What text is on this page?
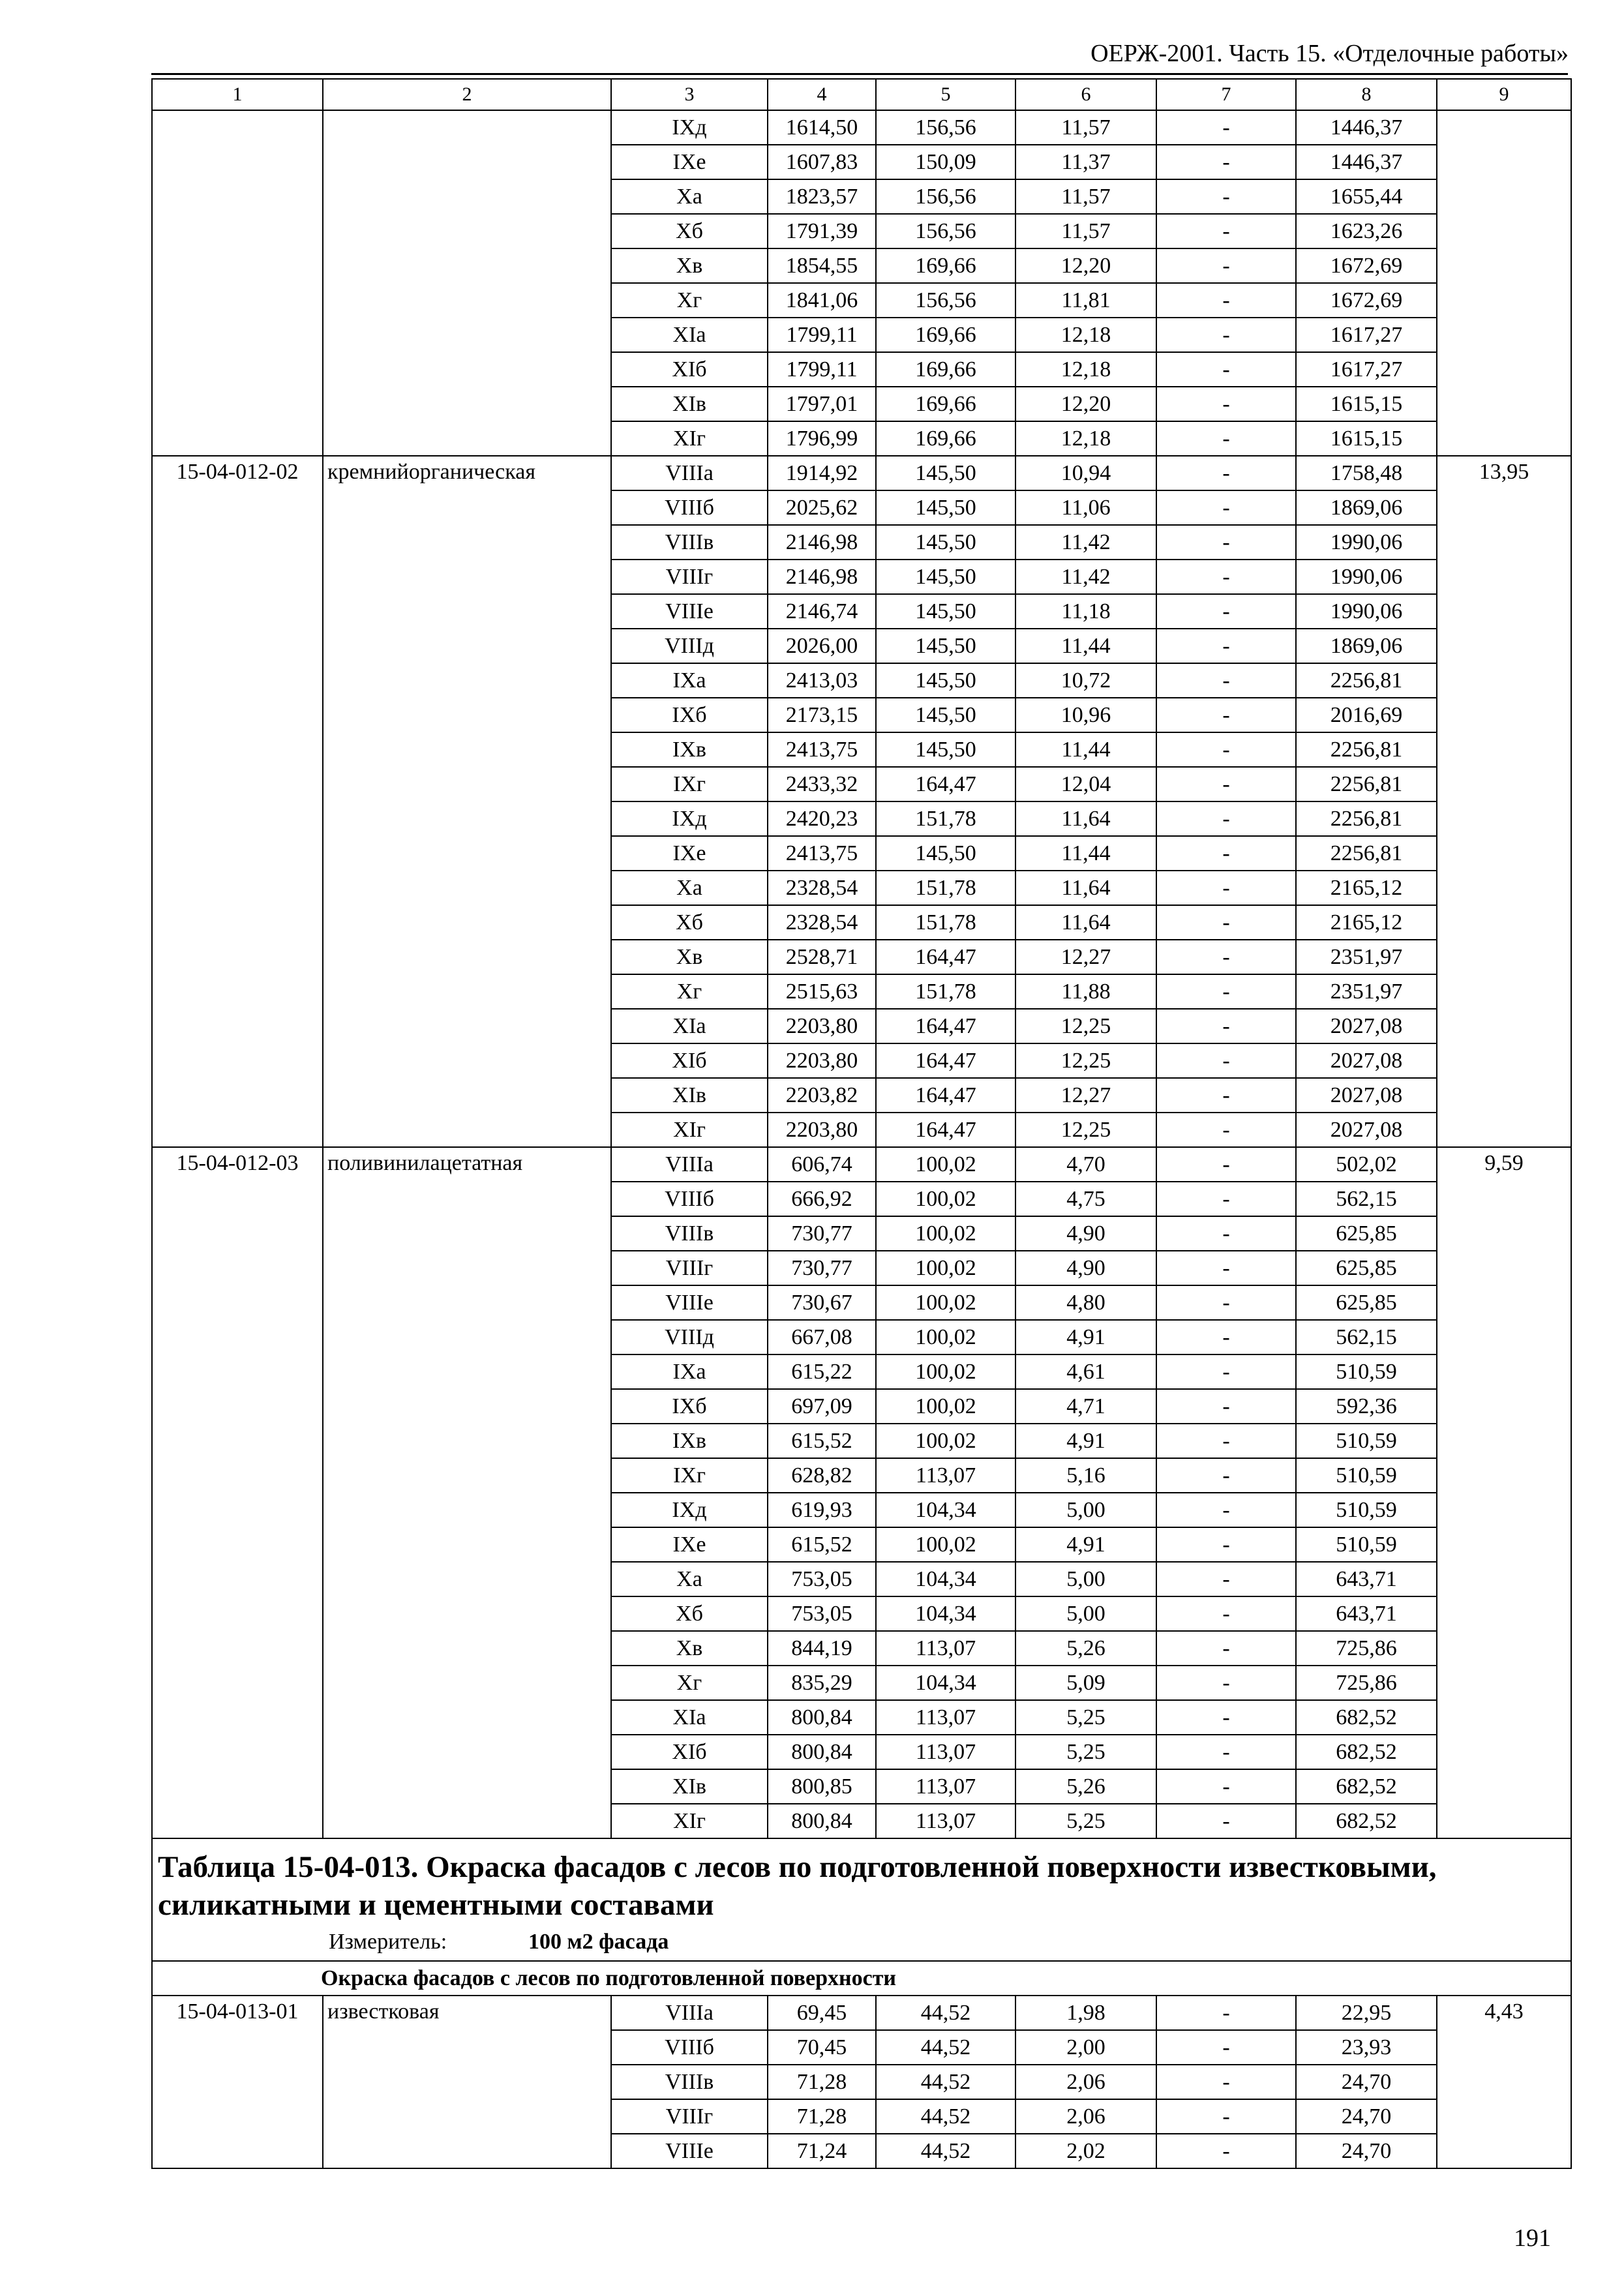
ОЕРЖ-2001. Часть 15. «Отделочные работы»
1	2	3	4	5	6	7	8	9
		IXд	1614,50	156,56	11,57	-	1446,37	
		IXе	1607,83	150,09	11,37	-	1446,37	
		Xа	1823,57	156,56	11,57	-	1655,44	
		Xб	1791,39	156,56	11,57	-	1623,26	
		Xв	1854,55	169,66	12,20	-	1672,69	
		Xг	1841,06	156,56	11,81	-	1672,69	
		XIа	1799,11	169,66	12,18	-	1617,27	
		XIб	1799,11	169,66	12,18	-	1617,27	
		XIв	1797,01	169,66	12,20	-	1615,15	
		XIг	1796,99	169,66	12,18	-	1615,15	
15-04-012-02	кремнийорганическая	VIIIа	1914,92	145,50	10,94	-	1758,48	13,95
		VIIIб	2025,62	145,50	11,06	-	1869,06	
		VIIIв	2146,98	145,50	11,42	-	1990,06	
		VIIIг	2146,98	145,50	11,42	-	1990,06	
		VIIIе	2146,74	145,50	11,18	-	1990,06	
		VIIIд	2026,00	145,50	11,44	-	1869,06	
		IXа	2413,03	145,50	10,72	-	2256,81	
		IXб	2173,15	145,50	10,96	-	2016,69	
		IXв	2413,75	145,50	11,44	-	2256,81	
		IXг	2433,32	164,47	12,04	-	2256,81	
		IXд	2420,23	151,78	11,64	-	2256,81	
		IXе	2413,75	145,50	11,44	-	2256,81	
		Xа	2328,54	151,78	11,64	-	2165,12	
		Xб	2328,54	151,78	11,64	-	2165,12	
		Xв	2528,71	164,47	12,27	-	2351,97	
		Xг	2515,63	151,78	11,88	-	2351,97	
		XIа	2203,80	164,47	12,25	-	2027,08	
		XIб	2203,80	164,47	12,25	-	2027,08	
		XIв	2203,82	164,47	12,27	-	2027,08	
		XIг	2203,80	164,47	12,25	-	2027,08	
15-04-012-03	поливинилацетатная	VIIIа	606,74	100,02	4,70	-	502,02	9,59
		VIIIб	666,92	100,02	4,75	-	562,15	
		VIIIв	730,77	100,02	4,90	-	625,85	
		VIIIг	730,77	100,02	4,90	-	625,85	
		VIIIе	730,67	100,02	4,80	-	625,85	
		VIIIд	667,08	100,02	4,91	-	562,15	
		IXа	615,22	100,02	4,61	-	510,59	
		IXб	697,09	100,02	4,71	-	592,36	
		IXв	615,52	100,02	4,91	-	510,59	
		IXг	628,82	113,07	5,16	-	510,59	
		IXд	619,93	104,34	5,00	-	510,59	
		IXе	615,52	100,02	4,91	-	510,59	
		Xа	753,05	104,34	5,00	-	643,71	
		Xб	753,05	104,34	5,00	-	643,71	
		Xв	844,19	113,07	5,26	-	725,86	
		Xг	835,29	104,34	5,09	-	725,86	
		XIа	800,84	113,07	5,25	-	682,52	
		XIб	800,84	113,07	5,25	-	682,52	
		XIв	800,85	113,07	5,26	-	682,52	
		XIг	800,84	113,07	5,25	-	682,52	

Таблица 15-04-013. Окраска фасадов с лесов по подготовленной поверхности известковыми, силикатными и цементными составами
Измеритель: 100 м2 фасада								

Окраска фасадов с лесов по подготовленной поверхности								
15-04-013-01	известковая	VIIIа	69,45	44,52	1,98	-	22,95	4,43
		VIIIб	70,45	44,52	2,00	-	23,93	
		VIIIв	71,28	44,52	2,06	-	24,70	
		VIIIг	71,28	44,52	2,06	-	24,70	
		VIIIе	71,24	44,52	2,02	-	24,70	
191
